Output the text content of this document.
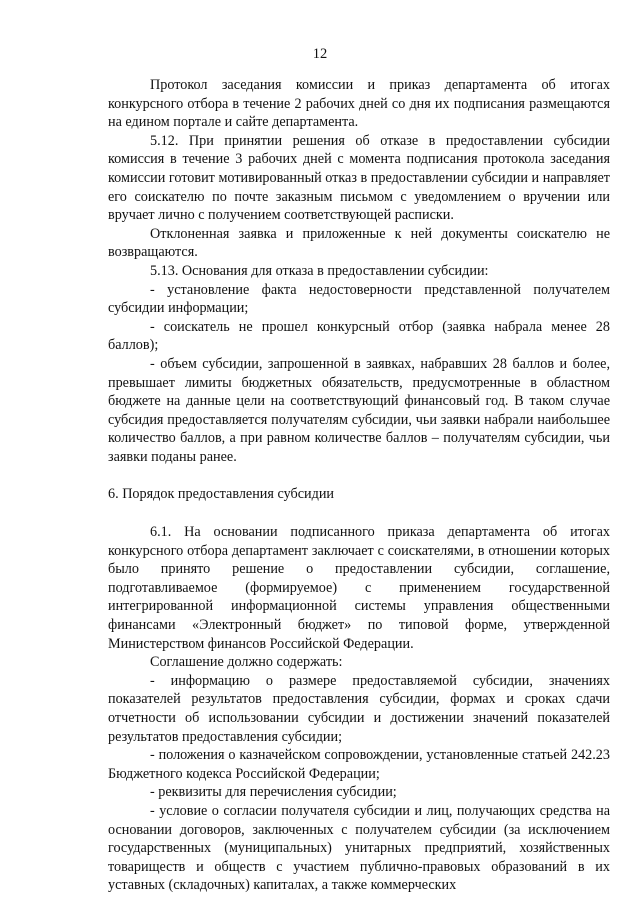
12

Протокол заседания комиссии и приказ департамента об итогах конкурсного отбора в течение 2 рабочих дней со дня их подписания размещаются на едином портале и сайте департамента.

5.12. При принятии решения об отказе в предоставлении субсидии комиссия в течение 3 рабочих дней с момента подписания протокола заседания комиссии готовит мотивированный отказ в предоставлении субсидии и направляет его соискателю по почте заказным письмом с уведомлением о вручении или вручает лично с получением соответствующей расписки.

Отклоненная заявка и приложенные к ней документы соискателю не возвращаются.

5.13. Основания для отказа в предоставлении субсидии:

- установление факта недостоверности представленной получателем субсидии информации;

- соискатель не прошел конкурсный отбор (заявка набрала менее 28 баллов);

- объем субсидии, запрошенной в заявках, набравших 28 баллов и более, превышает лимиты бюджетных обязательств, предусмотренные в областном бюджете на данные цели на соответствующий финансовый год. В таком случае субсидия предоставляется получателям субсидии, чьи заявки набрали наибольшее количество баллов, а при равном количестве баллов – получателям субсидии, чьи заявки поданы ранее.

6. Порядок предоставления субсидии

6.1. На основании подписанного приказа департамента об итогах конкурсного отбора департамент заключает с соискателями, в отношении которых было принято решение о предоставлении субсидии, соглашение, подготавливаемое (формируемое) с применением государственной интегрированной информационной системы управления общественными финансами «Электронный бюджет» по типовой форме, утвержденной Министерством финансов Российской Федерации.

Соглашение должно содержать:

- информацию о размере предоставляемой субсидии, значениях показателей результатов предоставления субсидии, формах и сроках сдачи отчетности об использовании субсидии и достижении значений показателей результатов предоставления субсидии;

- положения о казначейском сопровождении, установленные статьей 242.23 Бюджетного кодекса Российской Федерации;

- реквизиты для перечисления субсидии;

- условие о согласии получателя субсидии и лиц, получающих средства на основании договоров, заключенных с получателем субсидии (за исключением государственных (муниципальных) унитарных предприятий, хозяйственных товариществ и обществ с участием публично-правовых образований в их уставных (складочных) капиталах, а также коммерческих
